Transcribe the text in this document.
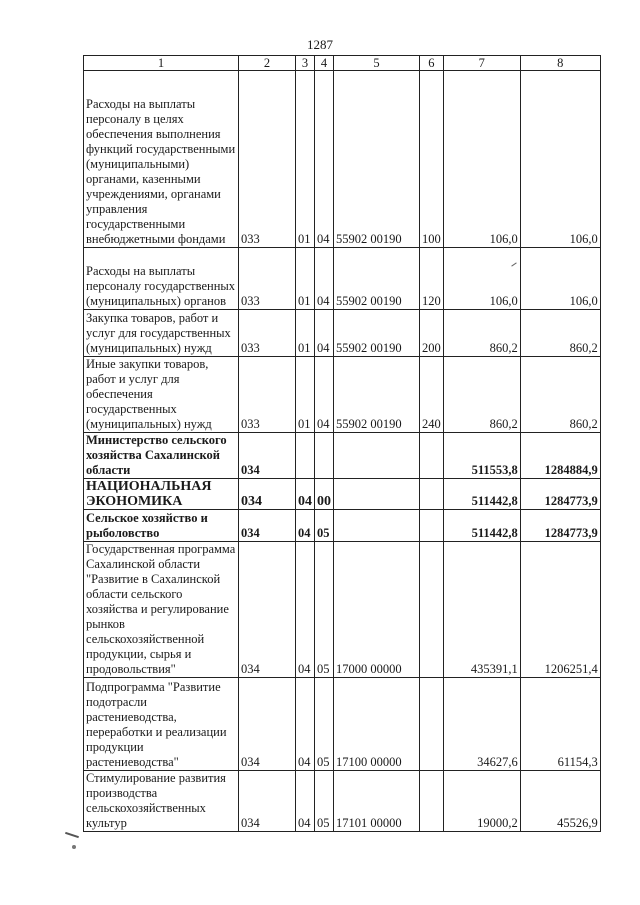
1287
1	2	3	4	5	6	7	8
Расходы на выплаты персоналу в целях обеспечения выполнения функций государственными (муниципальными) органами, казенными учреждениями, органами управления государственными внебюджетными фондами	033	01	04	55902 00190	100	106,0	106,0
Расходы на выплаты персоналу государственных (муниципальных) органов	033	01	04	55902 00190	120	106,0	106,0
Закупка товаров, работ и услуг для государственных (муниципальных) нужд	033	01	04	55902 00190	200	860,2	860,2
Иные закупки товаров, работ и услуг для обеспечения государственных (муниципальных) нужд	033	01	04	55902 00190	240	860,2	860,2
Министерство сельского хозяйства Сахалинской области	034					511553,8	1284884,9
НАЦИОНАЛЬНАЯ ЭКОНОМИКА	034	04	00			511442,8	1284773,9
Сельское хозяйство и рыболовство	034	04	05			511442,8	1284773,9
Государственная программа Сахалинской области "Развитие в Сахалинской области сельского хозяйства и регулирование рынков сельскохозяйственной продукции, сырья и продовольствия"	034	04	05	17000 00000		435391,1	1206251,4
Подпрограмма "Развитие подотрасли растениеводства, переработки и реализации продукции растениеводства"	034	04	05	17100 00000		34627,6	61154,3
Стимулирование развития производства сельскохозяйственных культур	034	04	05	17101 00000		19000,2	45526,9
